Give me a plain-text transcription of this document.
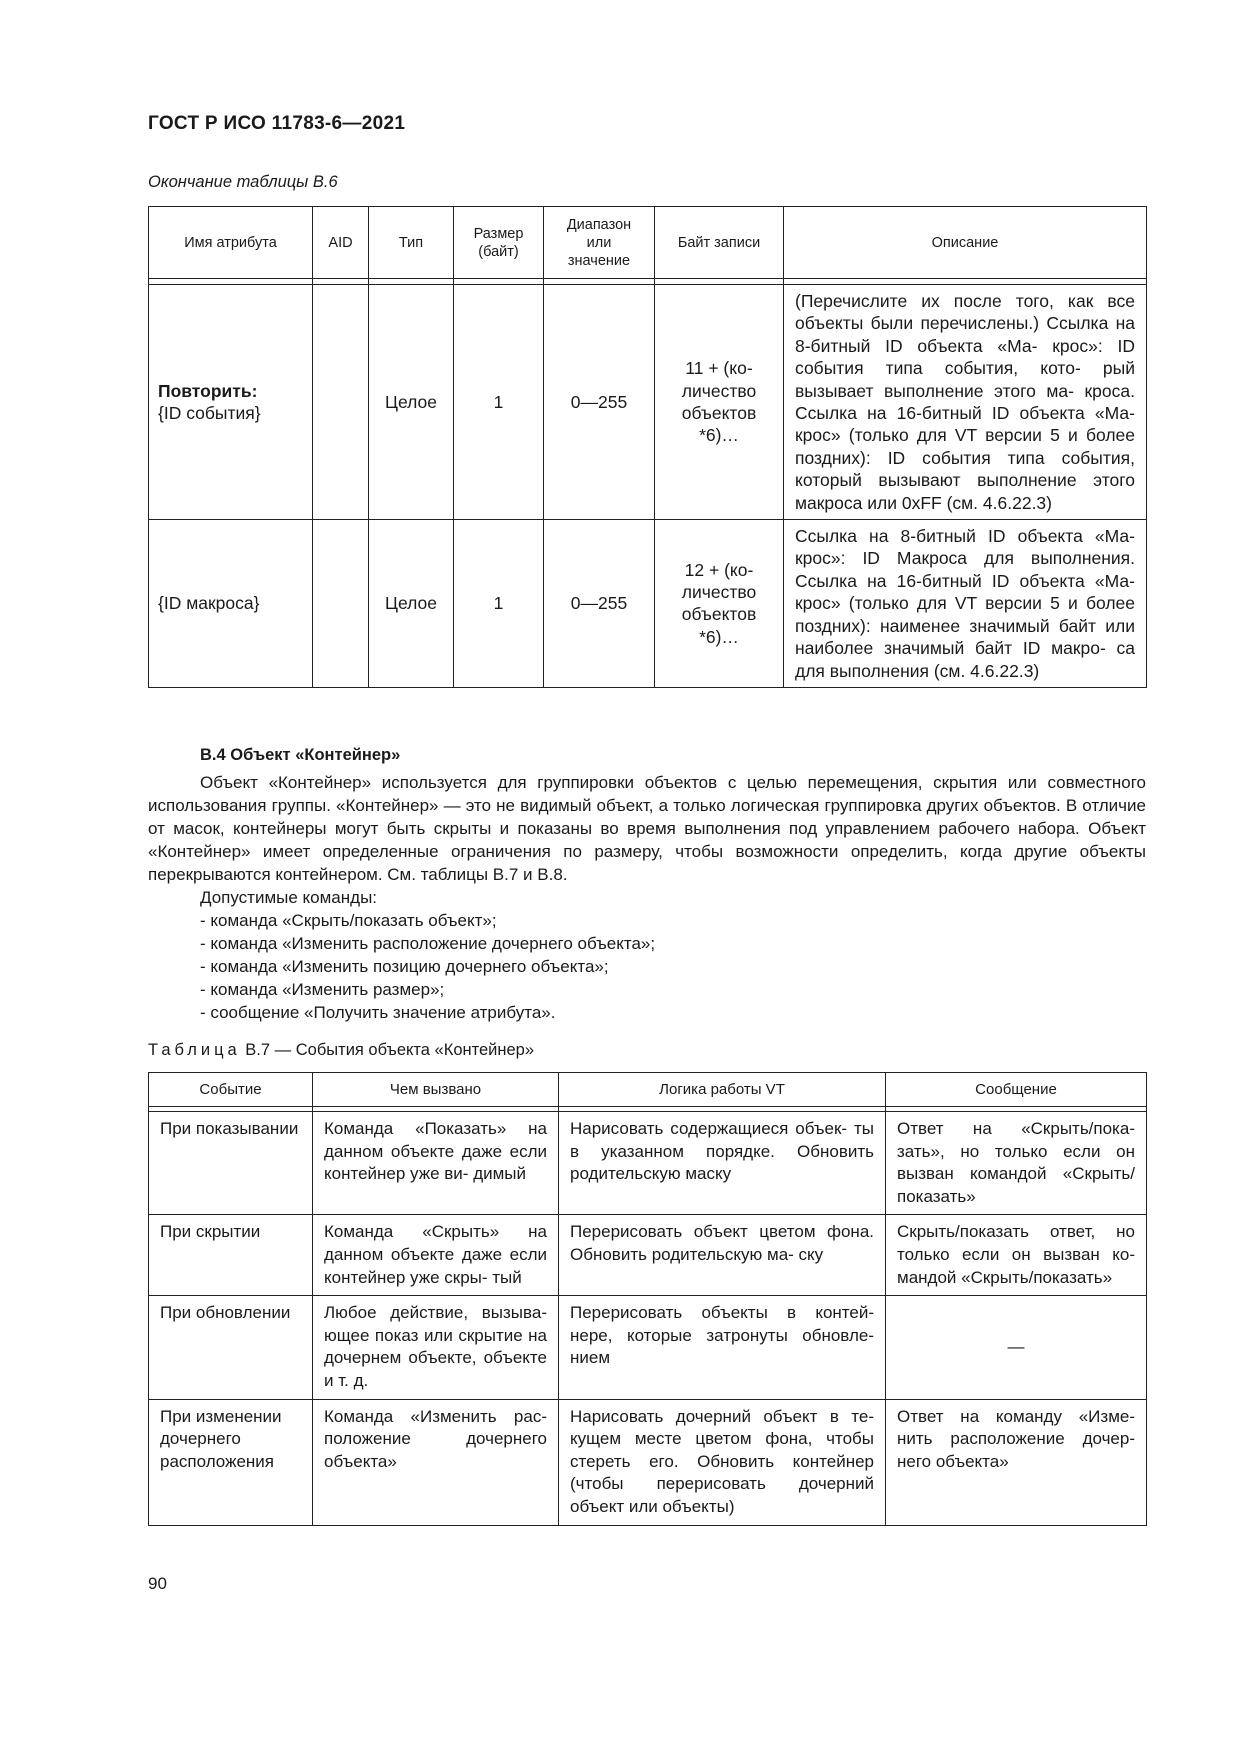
ГОСТ Р ИСО 11783-6—2021
Окончание таблицы В.6
Имя атрибута	AID	Тип	Размер (байт)	Диапазон или значение	Байт записи	Описание

Повторить:
{ID события}		Целое	1	0—255	11 + (ко- личество объектов *6)…	(Перечислите их после того, как все объекты были перечислены.) Ссылка на 8-битный ID объекта «Ма- крос»: ID события типа события, кото- рый вызывает выполнение этого ма- кроса. Ссылка на 16-битный ID объекта «Ма- крос» (только для VT версии 5 и более поздних): ID события типа события, который вызывают выполнение этого макроса или 0xFF (см. 4.6.22.3)
{ID макроса}		Целое	1	0—255	12 + (ко- личество объектов *6)…	Ссылка на 8-битный ID объекта «Ма- крос»: ID Макроса для выполнения. Ссылка на 16-битный ID объекта «Ма- крос» (только для VT версии 5 и более поздних): наименее значимый байт или наиболее значимый байт ID макро- са для выполнения (см. 4.6.22.3)
В.4 Объект «Контейнер»

Объект «Контейнер» используется для группировки объектов с целью перемещения, скрытия или совместного использования группы. «Контейнер» — это не видимый объект, а только логическая группировка других объектов. В отличие от масок, контейнеры могут быть скрыты и показаны во время выполнения под управлением рабочего набора. Объект «Контейнер» имеет определенные ограничения по размеру, чтобы возможности определить, когда другие объекты перекрываются контейнером. См. таблицы В.7 и В.8.

Допустимые команды:

- команда «Скрыть/показать объект»;

- команда «Изменить расположение дочернего объекта»;

- команда «Изменить позицию дочернего объекта»;

- команда «Изменить размер»;

- сообщение «Получить значение атрибута».

Таблица В.7 — События объекта «Контейнер»
Событие	Чем вызвано	Логика работы VT	Сообщение

При показывании	Команда «Показать» на данном объекте даже если контейнер уже ви- димый	Нарисовать содержащиеся объек- ты в указанном порядке. Обновить родительскую маску	Ответ на «Скрыть/пока- зать», но только если он вызван командой «Скрыть/ показать»
При скрытии	Команда «Скрыть» на данном объекте даже если контейнер уже скры- тый	Перерисовать объект цветом фона. Обновить родительскую ма- ску	Скрыть/показать ответ, но только если он вызван ко- мандой «Скрыть/показать»
При обновлении	Любое действие, вызыва- ющее показ или скрытие на дочернем объекте, объекте и т. д.	Перерисовать объекты в контей- нере, которые затронуты обновле- нием	—
При изменении дочернего расположения	Команда «Изменить рас- положение дочернего объекта»	Нарисовать дочерний объект в те- кущем месте цветом фона, чтобы стереть его. Обновить контейнер (чтобы перерисовать дочерний объект или объекты)	Ответ на команду «Изме- нить расположение дочер- него объекта»
90
